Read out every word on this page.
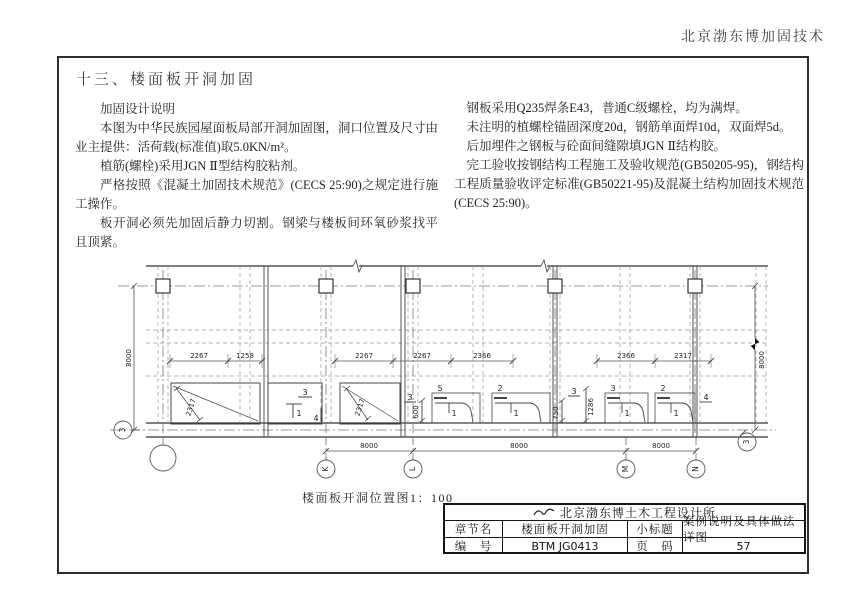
北京渤东博加固技术
十三、楼面板开洞加固

加固设计说明

本图为中华民族园屋面板局部开洞加固图，洞口位置及尺寸由业主提供：活荷载(标准值)取5.0KN/m²。

植筋(螺栓)采用JGN Ⅱ型结构胶粘剂。

严格按照《混凝土加固技术规范》(CECS 25:90)之规定进行施工操作。

板开洞必须先加固后静力切割。钢梁与楼板间环氧砂浆找平 且顶紧。

钢板采用Q235焊条E43，普通C级螺栓，均为满焊。

未注明的植螺栓锚固深度20d，钢筋单面焊10d，双面焊5d。

后加埋件之钢板与砼面间缝隙填JGN Ⅱ结构胶。

完工验收按钢结构工程施工及验收规范(GB50205-95)，钢结构工程质量验收评定标准(GB50221-95)及混凝土结构加固技术规范(CECS 25:90)。

2267	1258	2267	2267	2366	2366	2317
8000	8000
2317
3
1
4
2317
3
600
5
1
2
1	750
3
1286
3
1
2
1
4
8000	8000	8000
K	L	M	N
3
3
楼面板开洞位置图1：100
北京渤东博土木工程设计所
章节名	楼面板开洞加固	小标题
案例说明及具体做法详图
编　号	BTM JG0413	页　码	57
